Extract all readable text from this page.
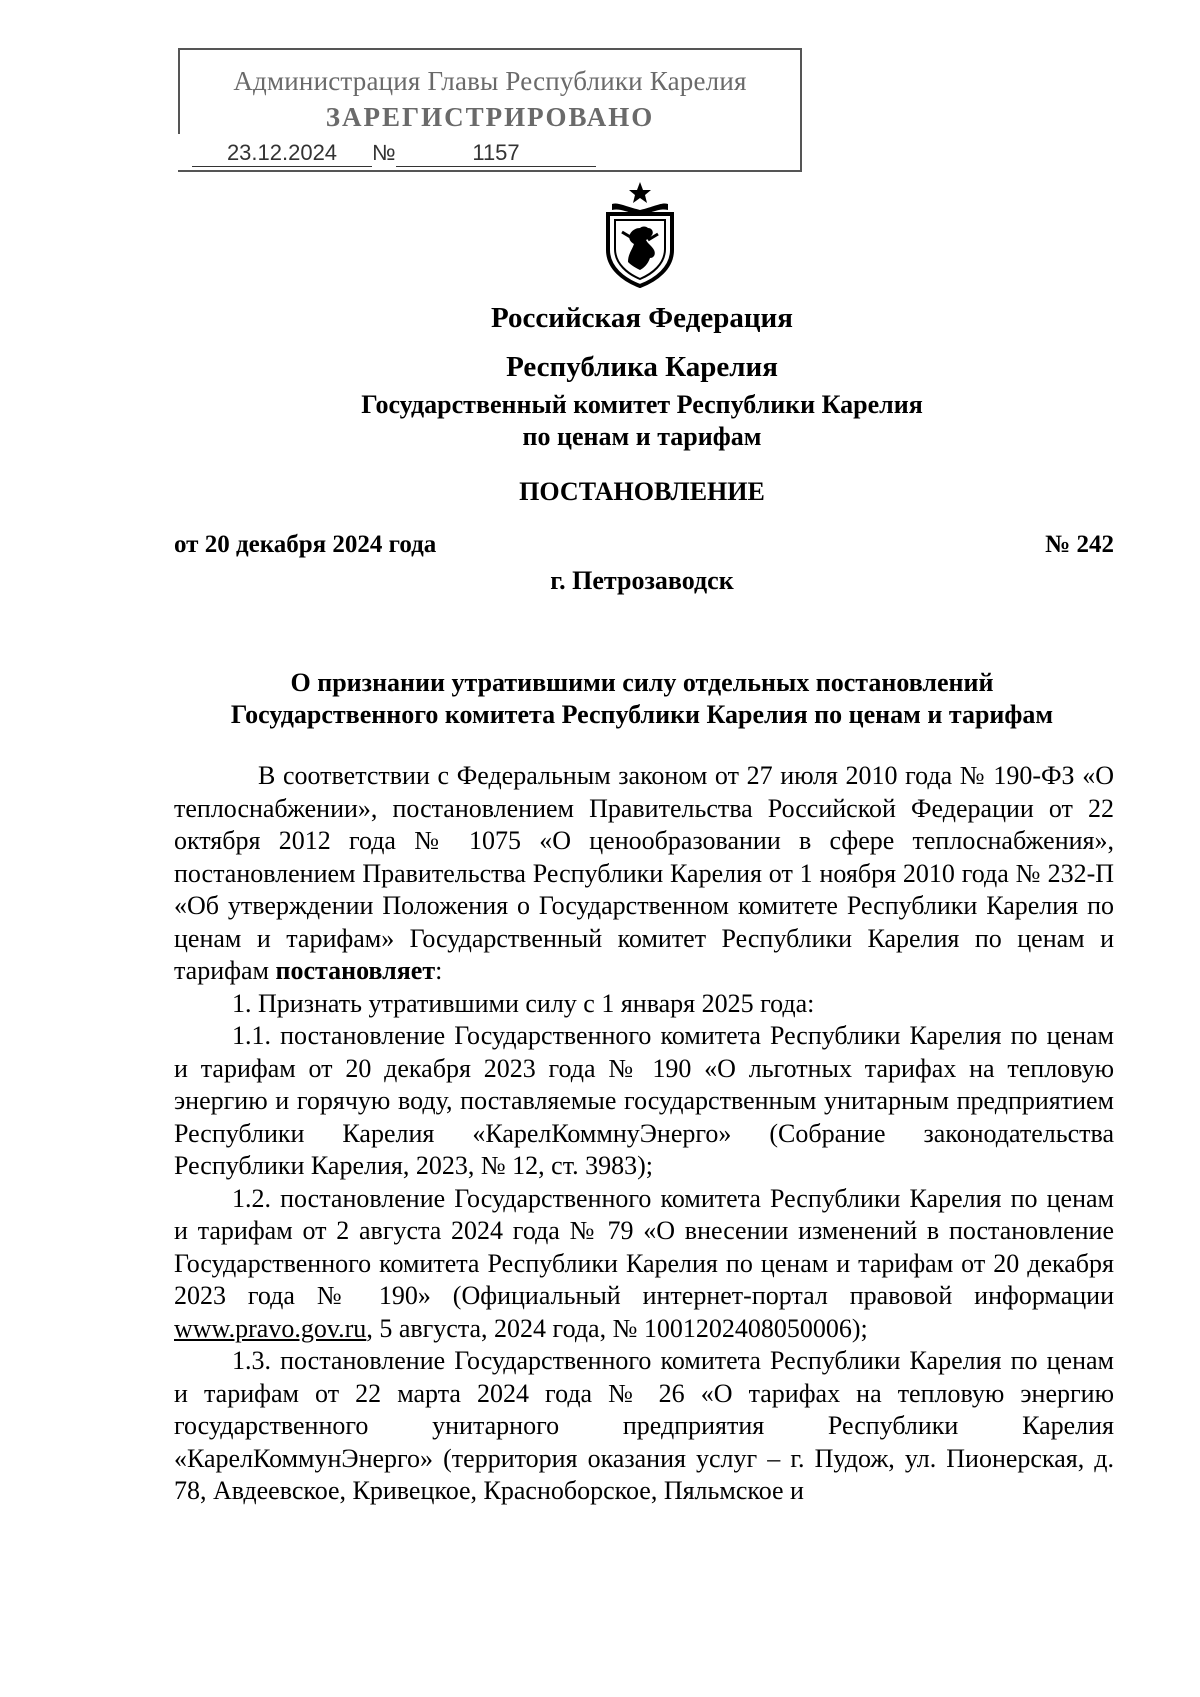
Администрация Главы Республики Карелия
ЗАРЕГИСТРИРОВАНО
23.12.2024 №	1157
Российская Федерация
Республика Карелия
Государственный комитет Республики Карелия
по ценам и тарифам
ПОСТАНОВЛЕНИЕ
от 20 декабря 2024 года	№ 242
г. Петрозаводск
О признании утратившими силу отдельных постановлений
Государственного комитета Республики Карелия по ценам и тарифам

В соответствии с Федеральным законом от 27 июля 2010 года № 190-ФЗ «О теплоснабжении», постановлением Правительства Российской Федерации от 22 октября 2012 года № 1075 «О ценообразовании в сфере теплоснабжения», постановлением Правительства Республики Карелия от 1 ноября 2010 года № 232-П «Об утверждении Положения о Государственном комитете Республики Карелия по ценам и тарифам» Государственный комитет Республики Карелия по ценам и тарифам постановляет:

1. Признать утратившими силу с 1 января 2025 года:

1.1. постановление Государственного комитета Республики Карелия по ценам и тарифам от 20 декабря 2023 года № 190 «О льготных тарифах на тепловую энергию и горячую воду, поставляемые государственным унитарным предприятием Республики Карелия «КарелКоммнуЭнерго» (Собрание законодательства Республики Карелия, 2023, № 12, ст. 3983);

1.2. постановление Государственного комитета Республики Карелия по ценам и тарифам от 2 августа 2024 года № 79 «О внесении изменений в постановление Государственного комитета Республики Карелия по ценам и тарифам от 20 декабря 2023 года № 190» (Официальный интернет-портал правовой информации www.pravo.gov.ru, 5 августа, 2024 года, № 1001202408050006);

1.3. постановление Государственного комитета Республики Карелия по ценам и тарифам от 22 марта 2024 года № 26 «О тарифах на тепловую энергию государственного унитарного предприятия Республики Карелия «КарелКоммунЭнерго» (территория оказания услуг – г. Пудож, ул. Пионерская, д. 78, Авдеевское, Кривецкое, Красноборское, Пяльмское и
